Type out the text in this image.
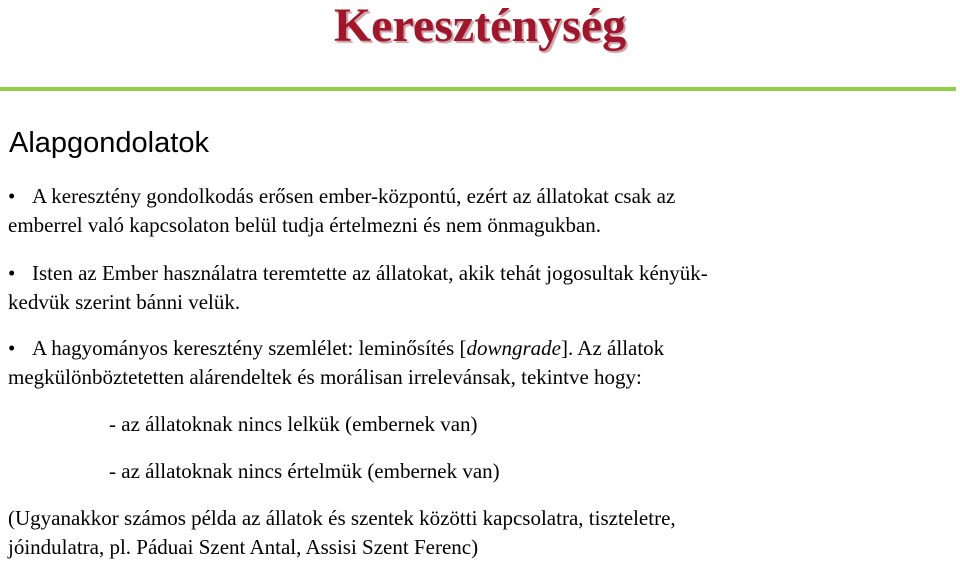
Kereszténység
Alapgondolatok

• A keresztény gondolkodás erősen ember-központú, ezért az állatokat csak az
emberrel való kapcsolaton belül tudja értelmezni és nem önmagukban.

• Isten az Ember használatra teremtette az állatokat, akik tehát jogosultak kényük-
kedvük szerint bánni velük.

• A hagyományos keresztény szemlélet: leminősítés [downgrade]. Az állatok
megkülönböztetetten alárendeltek és morálisan irrelevánsak, tekintve hogy:

- az állatoknak nincs lelkük (embernek van)

- az állatoknak nincs értelmük (embernek van)

(Ugyanakkor számos példa az állatok és szentek közötti kapcsolatra, tiszteletre,
jóindulatra, pl. Páduai Szent Antal, Assisi Szent Ferenc)
